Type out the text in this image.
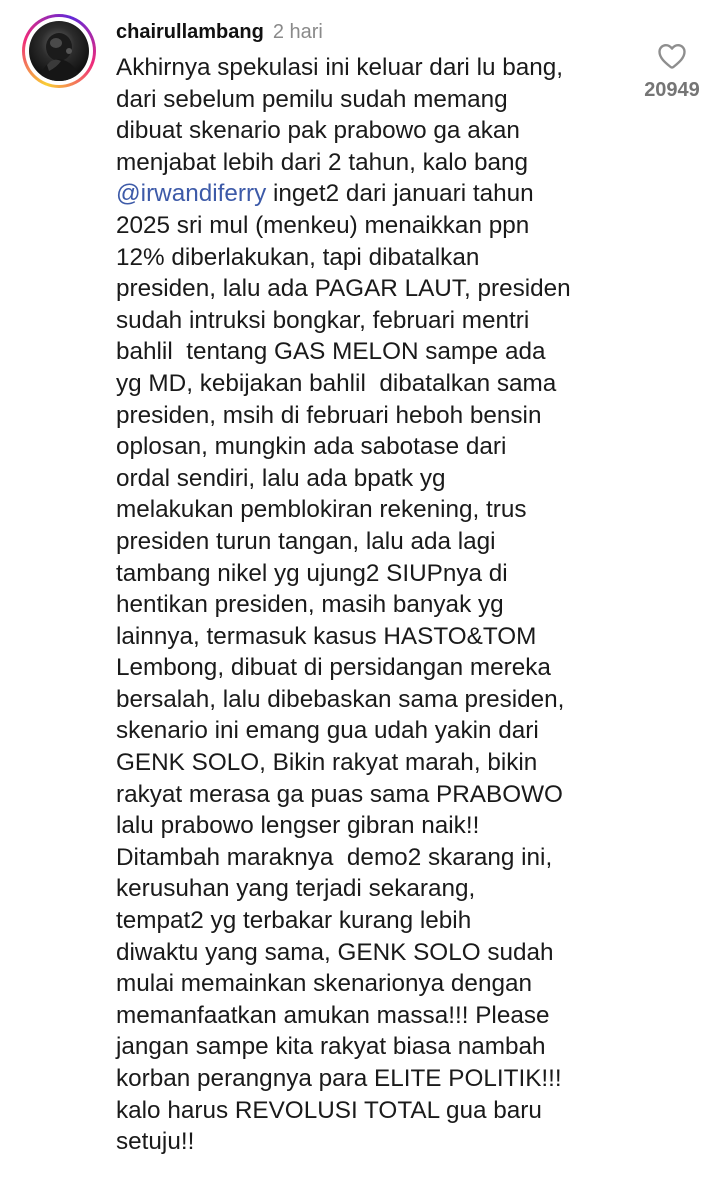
chairullambang 2 hari
Akhirnya spekulasi ini keluar dari lu bang,
dari sebelum pemilu sudah memang
dibuat skenario pak prabowo ga akan
menjabat lebih dari 2 tahun, kalo bang
@irwandiferry inget2 dari januari tahun
2025 sri mul (menkeu) menaikkan ppn
12% diberlakukan, tapi dibatalkan
presiden, lalu ada PAGAR LAUT, presiden
sudah intruksi bongkar, februari mentri
bahlil  tentang GAS MELON sampe ada
yg MD, kebijakan bahlil  dibatalkan sama
presiden, msih di februari heboh bensin
oplosan, mungkin ada sabotase dari
ordal sendiri, lalu ada bpatk yg
melakukan pemblokiran rekening, trus
presiden turun tangan, lalu ada lagi
tambang nikel yg ujung2 SIUPnya di
hentikan presiden, masih banyak yg
lainnya, termasuk kasus HASTO&TOM
Lembong, dibuat di persidangan mereka
bersalah, lalu dibebaskan sama presiden,
skenario ini emang gua udah yakin dari
GENK SOLO, Bikin rakyat marah, bikin
rakyat merasa ga puas sama PRABOWO
lalu prabowo lengser gibran naik!!
Ditambah maraknya  demo2 skarang ini,
kerusuhan yang terjadi sekarang,
tempat2 yg terbakar kurang lebih
diwaktu yang sama, GENK SOLO sudah
mulai memainkan skenarionya dengan
memanfaatkan amukan massa!!! Please
jangan sampe kita rakyat biasa nambah
korban perangnya para ELITE POLITIK!!!
kalo harus REVOLUSI TOTAL gua baru
setuju!!
20949
